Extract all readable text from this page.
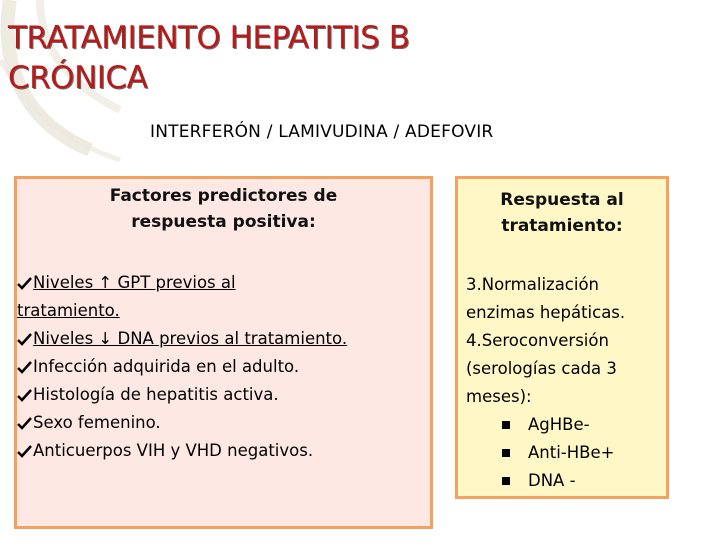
TRATAMIENTO HEPATITIS B
CRÓNICA
INTERFERÓN / LAMIVUDINA / ADEFOVIR
Factores predictores de
respuesta positiva:
Niveles ↑ GPT previos al
tratamiento.
Niveles ↓ DNA previos al tratamiento.
Infección adquirida en el adulto.
Histología de hepatitis activa.
Sexo femenino.
Anticuerpos VIH y VHD negativos.
Respuesta al
tratamiento:

3.Normalización

enzimas hepáticas.

4.Seroconversión

(serologías cada 3

meses):

AgHBe-
Anti-HBe+
DNA -
